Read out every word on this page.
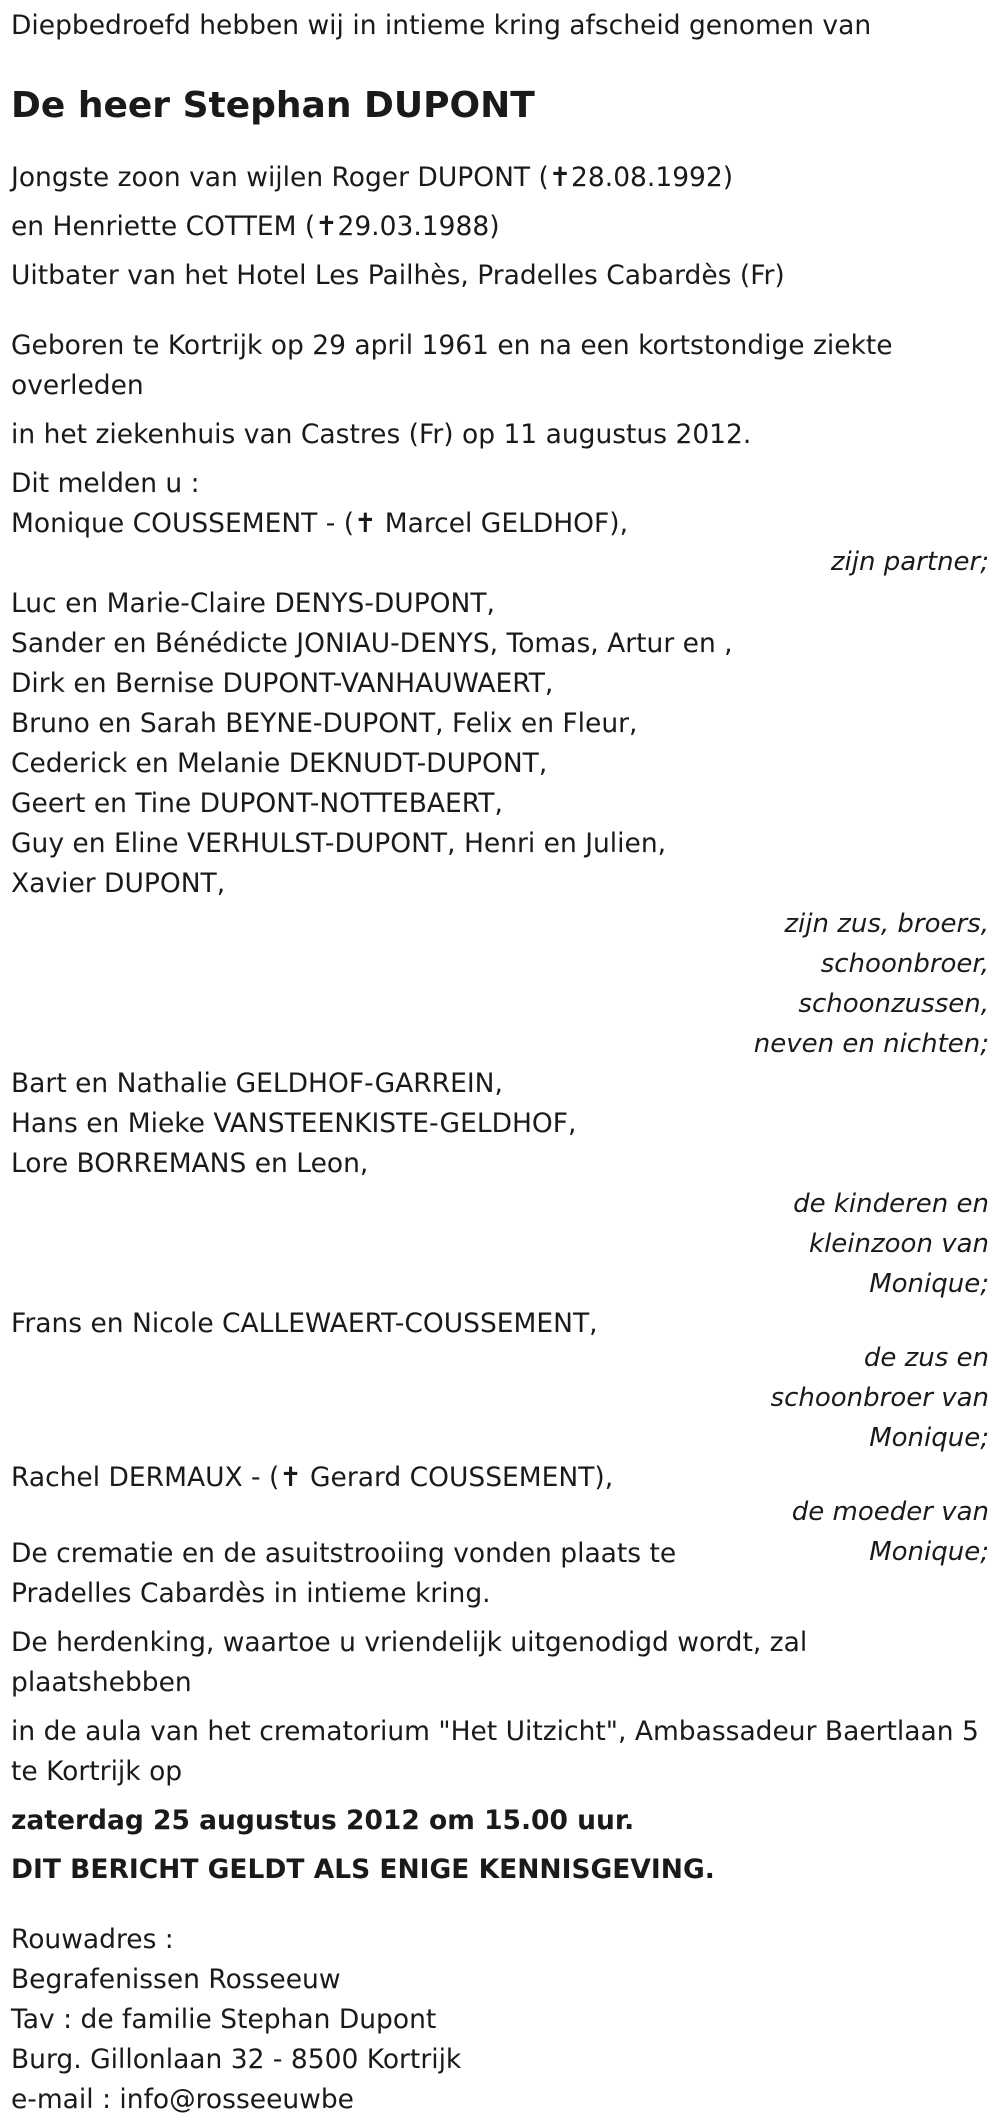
Diepbedroefd hebben wij in intieme kring afscheid genomen van

De heer Stephan DUPONT

Jongste zoon van wijlen Roger DUPONT (✝28.08.1992)

en Henriette COTTEM (✝29.03.1988)

Uitbater van het Hotel Les Pailhès, Pradelles Cabardès (Fr)

Geboren te Kortrijk op 29 april 1961 en na een kortstondige ziekte overleden

in het ziekenhuis van Castres (Fr) op 11 augustus 2012.

Dit melden u :

Monique COUSSEMENT - (✝ Marcel GELDHOF),

zijn partner;

Luc en Marie-Claire DENYS-DUPONT,

Sander en Bénédicte JONIAU-DENYS, Tomas, Artur en ,

Dirk en Bernise DUPONT-VANHAUWAERT,

Bruno en Sarah BEYNE-DUPONT, Felix en Fleur,

Cederick en Melanie DEKNUDT-DUPONT,

Geert en Tine DUPONT-NOTTEBAERT,

Guy en Eline VERHULST-DUPONT, Henri en Julien,

Xavier DUPONT,

zijn zus, broers,
schoonbroer,
schoonzussen,
neven en nichten;

Bart en Nathalie GELDHOF-GARREIN,

Hans en Mieke VANSTEENKISTE-GELDHOF,

Lore BORREMANS en Leon,

de kinderen en
kleinzoon van
Monique;

Frans en Nicole CALLEWAERT-COUSSEMENT,

de zus en
schoonbroer van
Monique;

Rachel DERMAUX - (✝ Gerard COUSSEMENT),

de moeder van
Monique;

De crematie en de asuitstrooiing vonden plaats te

Pradelles Cabardès in intieme kring.

De herdenking, waartoe u vriendelijk uitgenodigd wordt, zal plaatshebben

in de aula van het crematorium "Het Uitzicht", Ambassadeur Baertlaan 5 te Kortrijk op

zaterdag 25 augustus 2012 om 15.00 uur.

DIT BERICHT GELDT ALS ENIGE KENNISGEVING.

Rouwadres :

Begrafenissen Rosseeuw

Tav : de familie Stephan Dupont

Burg. Gillonlaan 32 - 8500 Kortrijk

e-mail : info@rosseeuwbe
